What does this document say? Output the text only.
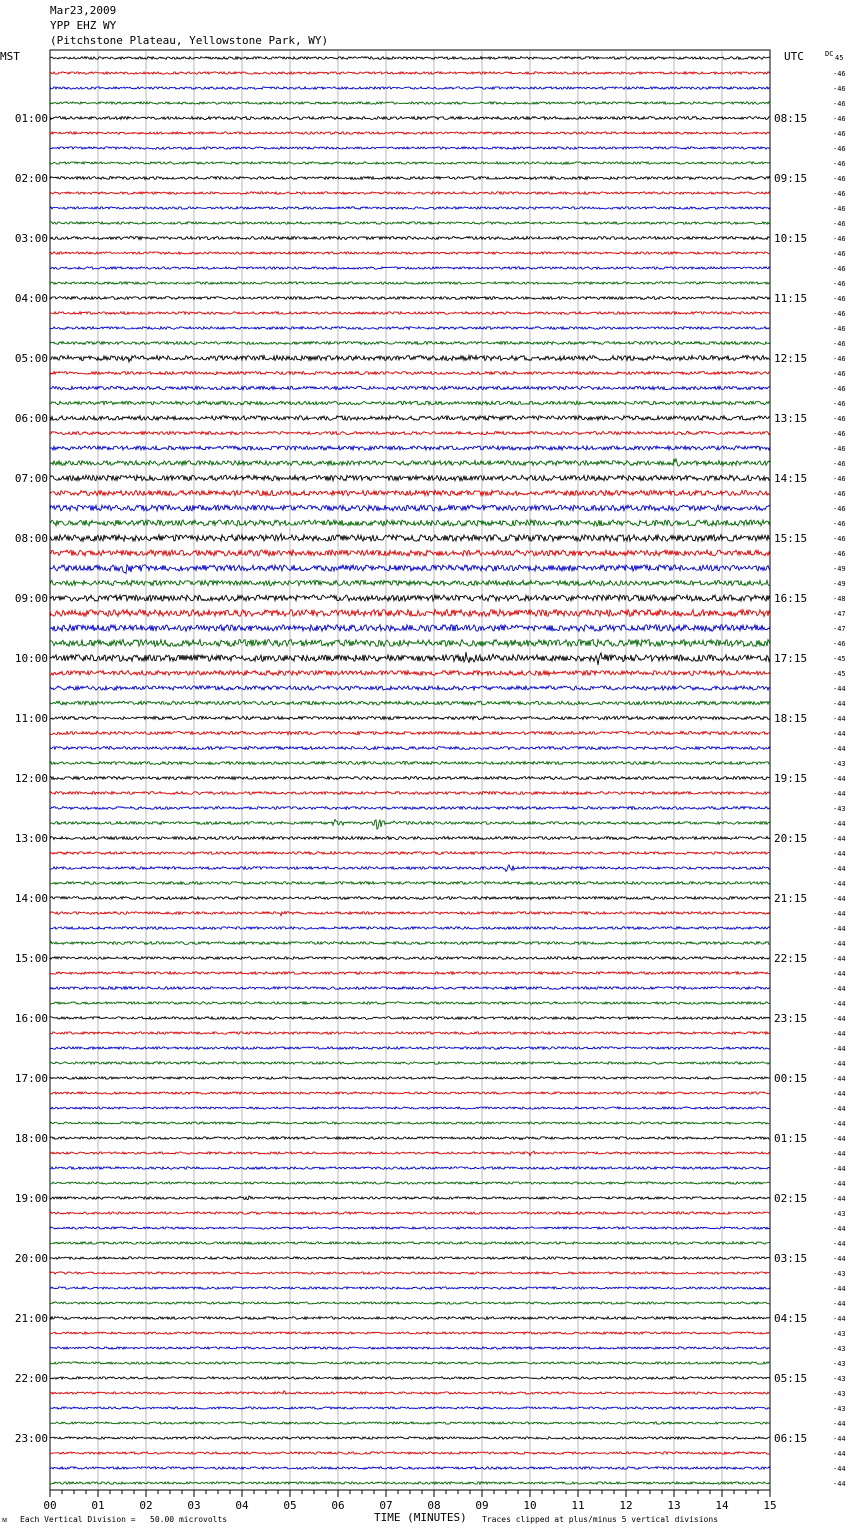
Mar23,2009
YPP EHZ WY
(Pitchstone Plateau, Yellowstone Park, WY)
00	01	02	03	04	05	06	07	08	09	10	11	12	13	14	15
MST	UTC	DC 45
-46
-46
-46
-46
01:00	08:15
-46
-46
-46
-46
02:00	09:15
-46
-46
-46
-46
03:00	10:15
-46
-46
-46
-46
04:00	11:15
-46
-46
-46
-46
05:00	12:15
-46
-46
-46
-46
06:00	13:15
-46
-46
-46
-46
07:00	14:15
-46
-46
-46
-46
08:00	15:15
-46
-49
-49
-48
09:00	16:15
-47
-47
-46
-45
10:00	17:15
-45
-44
-44
-44
11:00	18:15
-44
-44
-43
-44
12:00	19:15
-44
-43
-44
-44
13:00	20:15
-44
-44
-44
-44
14:00	21:15
-44
-44
-44
-44
15:00	22:15
-44
-44
-44
-44
16:00	23:15
-44
-44
-44
-44
17:00	00:15
-44
-44
-44
-44
18:00	01:15
-44
-44
-44
-44
19:00	02:15
-43
-44
-44
-44
20:00	03:15
-43
-44
-44
-44
21:00	04:15
-43
-43
-43
-43
22:00	05:15
-43
-43
-44
-44
23:00	06:15
-44
-44
-44
ᴍ Each Vertical Division =   50.00 microvolts	TIME (MINUTES) Traces clipped at plus/minus 5 vertical divisions
